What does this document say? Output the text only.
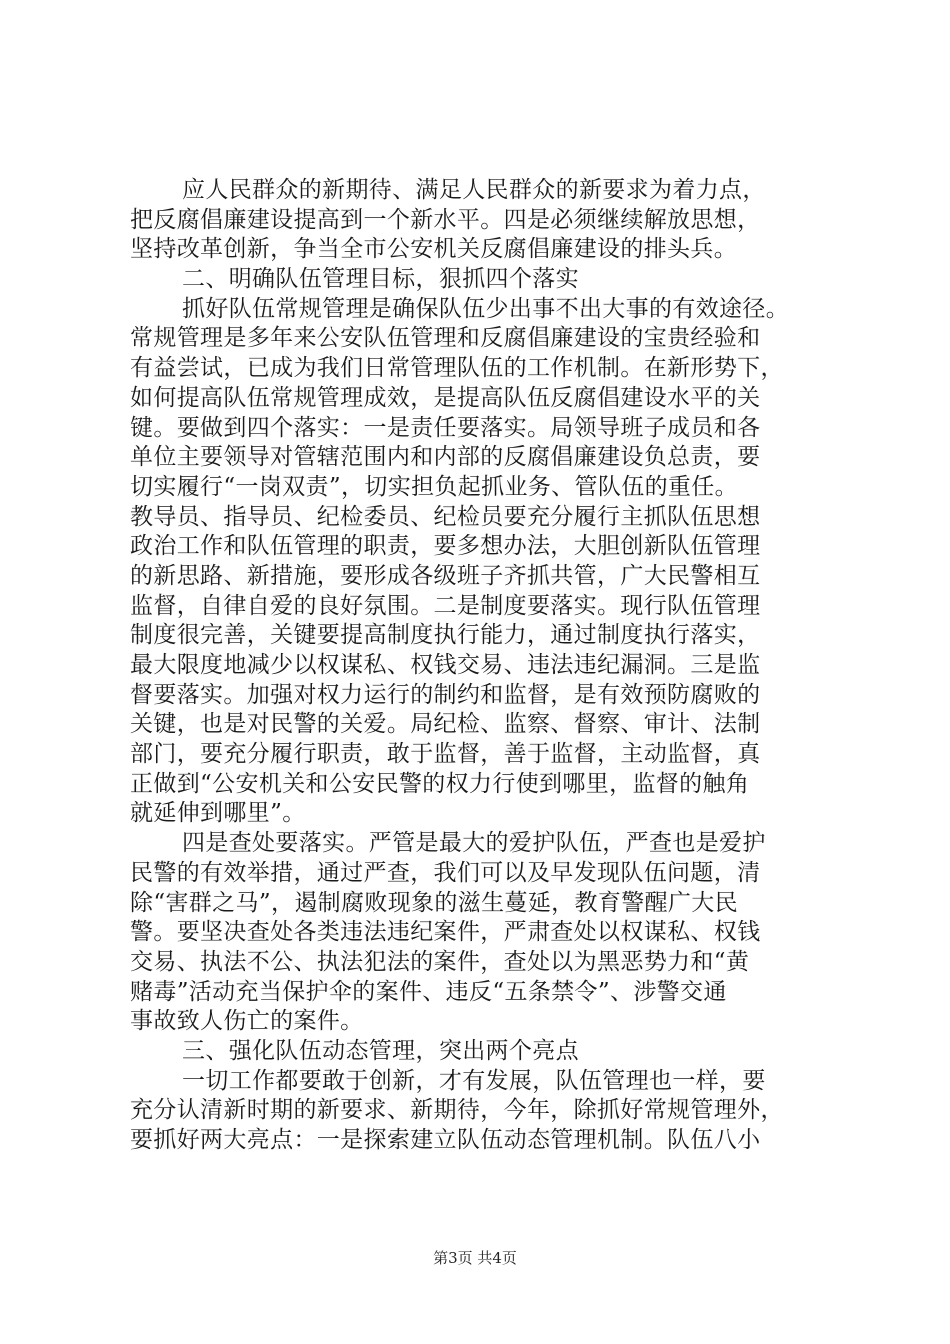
应人民群众的新期待、满足人民群众的新要求为着力点，
把反腐倡廉建设提高到一个新水平。四是必须继续解放思想，
坚持改革创新，争当全市公安机关反腐倡廉建设的排头兵。
二、明确队伍管理目标，狠抓四个落实
抓好队伍常规管理是确保队伍少出事不出大事的有效途径。
常规管理是多年来公安队伍管理和反腐倡廉建设的宝贵经验和
有益尝试，已成为我们日常管理队伍的工作机制。在新形势下，
如何提高队伍常规管理成效，是提高队伍反腐倡建设水平的关
键。要做到四个落实：一是责任要落实。局领导班子成员和各
单位主要领导对管辖范围内和内部的反腐倡廉建设负总责，要
切实履行“一岗双责”，切实担负起抓业务、管队伍的重任。
教导员、指导员、纪检委员、纪检员要充分履行主抓队伍思想
政治工作和队伍管理的职责，要多想办法，大胆创新队伍管理
的新思路、新措施，要形成各级班子齐抓共管，广大民警相互
监督，自律自爱的良好氛围。二是制度要落实。现行队伍管理
制度很完善，关键要提高制度执行能力，通过制度执行落实，
最大限度地减少以权谋私、权钱交易、违法违纪漏洞。三是监
督要落实。加强对权力运行的制约和监督，是有效预防腐败的
关键，也是对民警的关爱。局纪检、监察、督察、审计、法制
部门，要充分履行职责，敢于监督，善于监督，主动监督，真
正做到“公安机关和公安民警的权力行使到哪里，监督的触角
就延伸到哪里”。
四是查处要落实。严管是最大的爱护队伍，严查也是爱护
民警的有效举措，通过严查，我们可以及早发现队伍问题，清
除“害群之马”，遏制腐败现象的滋生蔓延，教育警醒广大民
警。要坚决查处各类违法违纪案件，严肃查处以权谋私、权钱
交易、执法不公、执法犯法的案件，查处以为黑恶势力和“黄
赌毒”活动充当保护伞的案件、违反“五条禁令”、涉警交通
事故致人伤亡的案件。
三、强化队伍动态管理，突出两个亮点
一切工作都要敢于创新，才有发展，队伍管理也一样，要
充分认清新时期的新要求、新期待，今年，除抓好常规管理外，
要抓好两大亮点：一是探索建立队伍动态管理机制。队伍八小
第3页 共4页
